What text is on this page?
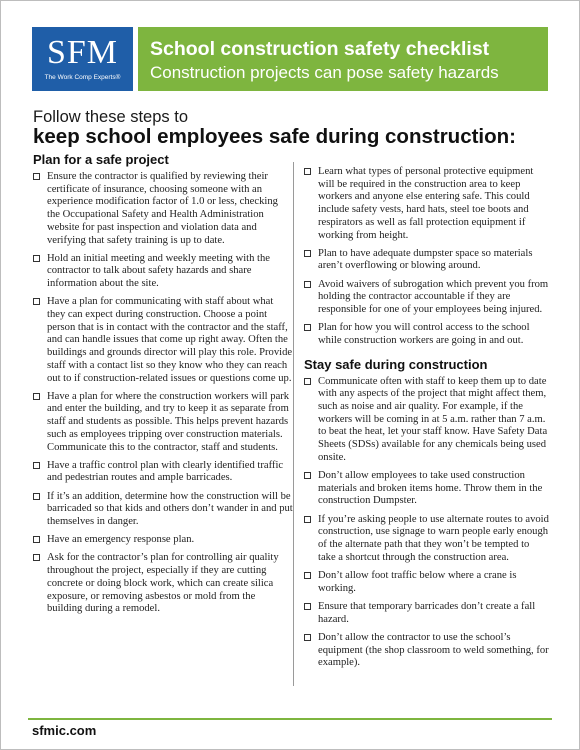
SFM
The Work Comp Experts®
School construction safety checklist
Construction projects can pose safety hazards
Follow these steps to
keep school employees safe during construction:
Plan for a safe project
Ensure the contractor is qualified by reviewing their certificate of insurance, choosing someone with an experience modification factor of 1.0 or less, checking the Occupational Safety and Health Administration website for past inspection and violation data and verifying that safety training is up to date.
Hold an initial meeting and weekly meeting with the contractor to talk about safety hazards and share information about the site.
Have a plan for communicating with staff about what they can expect during construction. Choose a point person that is in contact with the contractor and the staff, and can handle issues that come up right away. Often the buildings and grounds director will play this role. Provide staff with a contact list so they know who they can reach out to if construction-related issues or questions come up.
Have a plan for where the construction workers will park and enter the building, and try to keep it as separate from staff and students as possible. This helps prevent hazards such as employees tripping over construction materials. Communicate this to the contractor, staff and students.
Have a traffic control plan with clearly identified traffic and pedestrian routes and ample barricades.
If it’s an addition, determine how the construction will be barricaded so that kids and others don’t wander in and put themselves in danger.
Have an emergency response plan.
Ask for the contractor’s plan for controlling air quality throughout the project, especially if they are cutting concrete or doing block work, which can create silica exposure, or removing asbestos or mold from the building during a remodel.
Learn what types of personal protective equipment will be required in the construction area to keep workers and anyone else entering safe. This could include safety vests, hard hats, steel toe boots and respirators as well as fall protection equipment if working from height.
Plan to have adequate dumpster space so materials aren’t overflowing or blowing around.
Avoid waivers of subrogation which prevent you from holding the contractor accountable if they are responsible for one of your employees being injured.
Plan for how you will control access to the school while construction workers are going in and out.
Stay safe during construction
Communicate often with staff to keep them up to date with any aspects of the project that might affect them, such as noise and air quality. For example, if the workers will be coming in at 5 a.m. rather than 7 a.m. to beat the heat, let your staff know. Have Safety Data Sheets (SDSs) available for any chemicals being used onsite.
Don’t allow employees to take used construction materials and broken items home. Throw them in the construction Dumpster.
If you’re asking people to use alternate routes to avoid construction, use signage to warn people early enough of the alternate path that they won’t be tempted to take a shortcut through the construction area.
Don’t allow foot traffic below where a crane is working.
Ensure that temporary barricades don’t create a fall hazard.
Don’t allow the contractor to use the school’s equipment (the shop classroom to weld something, for example).
sfmic.com
